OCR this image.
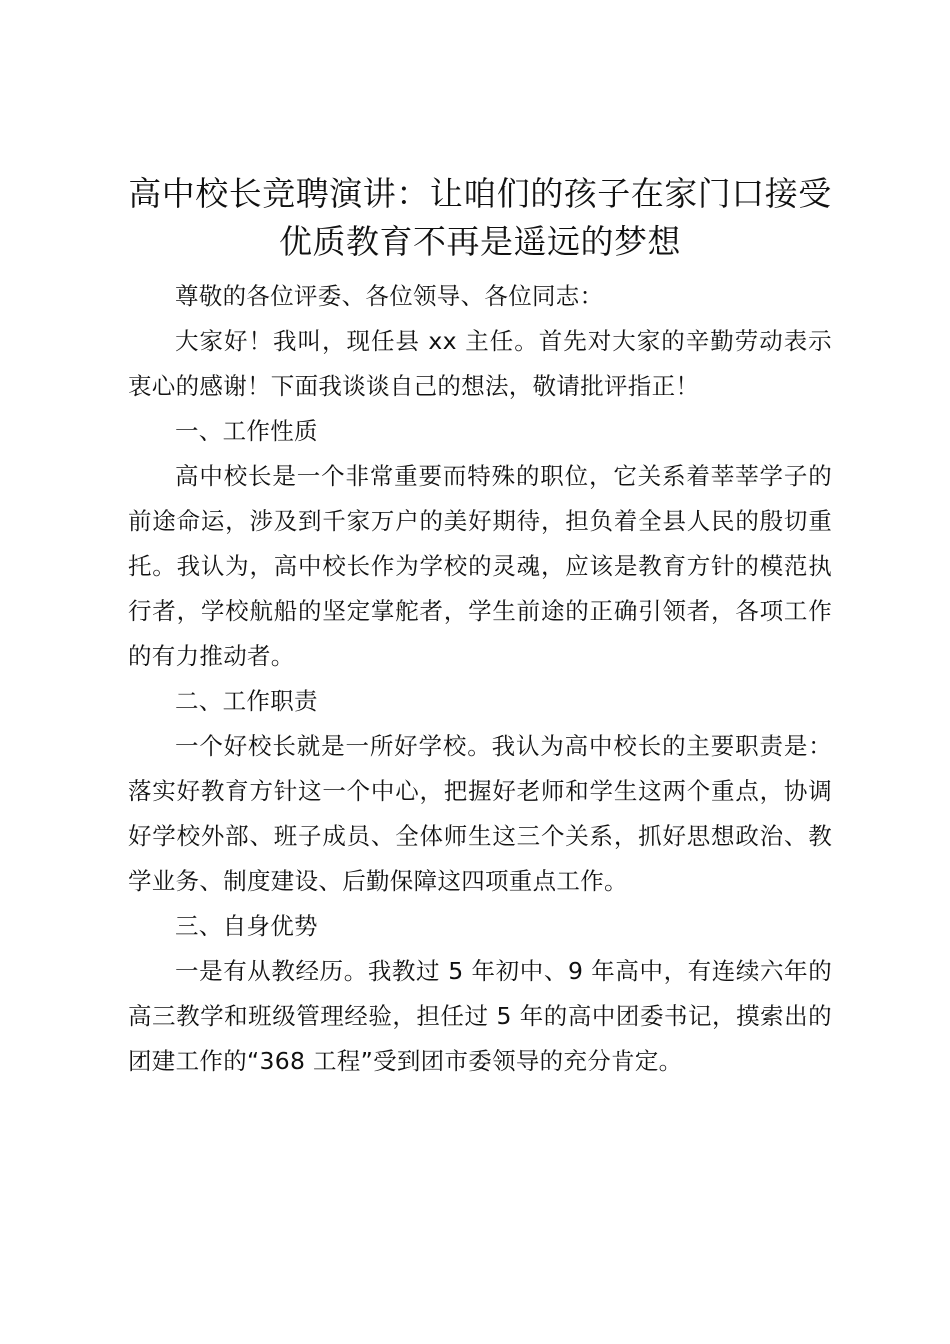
高中校长竞聘演讲：让咱们的孩子在家门口接受优质教育不再是遥远的梦想

尊敬的各位评委、各位领导、各位同志：

大家好！我叫，现任县 xx 主任。首先对大家的辛勤劳动表示衷心的感谢！下面我谈谈自己的想法，敬请批评指正！

一、工作性质

高中校长是一个非常重要而特殊的职位，它关系着莘莘学子的前途命运，涉及到千家万户的美好期待，担负着全县人民的殷切重托。我认为，高中校长作为学校的灵魂，应该是教育方针的模范执行者，学校航船的坚定掌舵者，学生前途的正确引领者，各项工作的有力推动者。

二、工作职责

一个好校长就是一所好学校。我认为高中校长的主要职责是：落实好教育方针这一个中心，把握好老师和学生这两个重点，协调好学校外部、班子成员、全体师生这三个关系，抓好思想政治、教学业务、制度建设、后勤保障这四项重点工作。

三、自身优势

一是有从教经历。我教过 5 年初中、9 年高中，有连续六年的高三教学和班级管理经验，担任过 5 年的高中团委书记，摸索出的团建工作的“368 工程”受到团市委领导的充分肯定。
